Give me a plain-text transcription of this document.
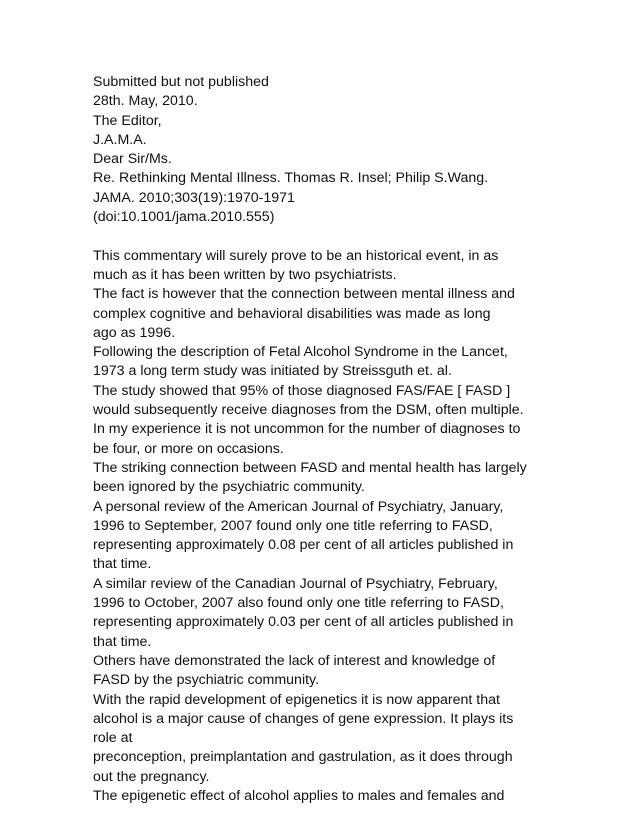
Submitted but not published
28th. May, 2010.
The Editor,
J.A.M.A.
Dear Sir/Ms.
Re. Rethinking Mental Illness. Thomas R. Insel; Philip S.Wang.
JAMA. 2010;303(19):1970-1971
(doi:10.1001/jama.2010.555)
This commentary will surely prove to be an historical event, in as
much as it has been written by two psychiatrists.
The fact is however that the connection between mental illness and
complex cognitive and behavioral disabilities was made as long
ago as 1996.
Following the description of Fetal Alcohol Syndrome in the Lancet,
1973 a long term study was initiated by Streissguth et. al.
The study showed that 95% of those diagnosed FAS/FAE [ FASD ]
would subsequently receive diagnoses from the DSM, often multiple.
In my experience it is not uncommon for the number of diagnoses to
be four, or more on occasions.
The striking connection between FASD and mental health has largely
been ignored by the psychiatric community.
A personal review of the American Journal of Psychiatry, January,
1996 to September, 2007 found only one title referring to FASD,
representing approximately 0.08 per cent of all articles published in
that time.
A similar review of the Canadian Journal of Psychiatry, February,
1996 to October, 2007 also found only one title referring to FASD,
representing approximately 0.03 per cent of all articles published in
that time.
Others have demonstrated the lack of interest and knowledge of
FASD by the psychiatric community.
With the rapid development of epigenetics it is now apparent that
alcohol is a major cause of changes of gene expression. It plays its
role at
preconception, preimplantation and gastrulation, as it does through
out the pregnancy.
The epigenetic effect of alcohol applies to males and females and
